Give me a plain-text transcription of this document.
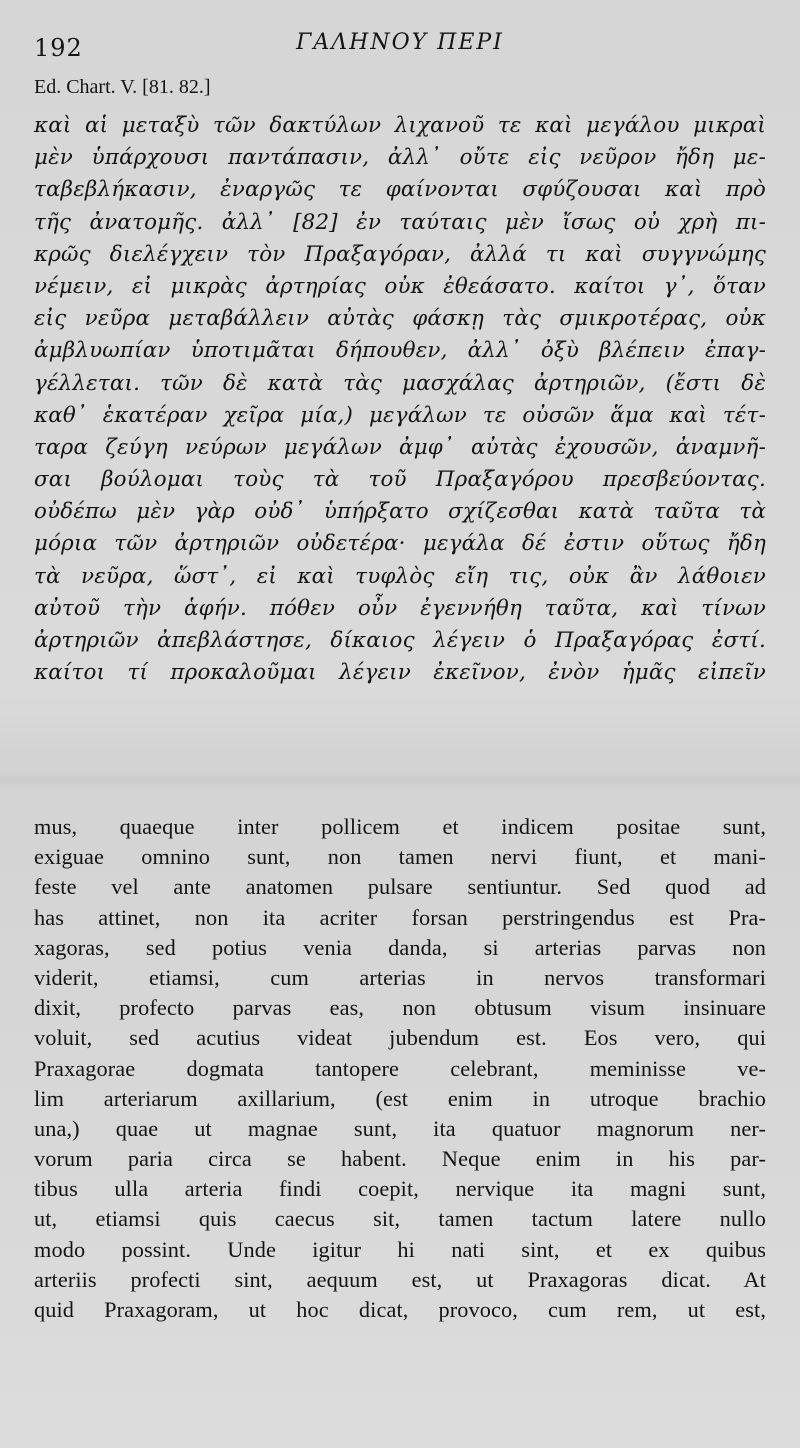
192	ΓΑΛΗΝΟΥ ΠΕΡΙ
Ed. Chart. V. [81. 82.]
καὶ αἱ μεταξὺ τῶν δακτύλων λιχανοῦ τε καὶ μεγάλου μικραὶ
μὲν ὑπάρχουσι παντάπασιν, ἀλλ᾽ οὔτε εἰς νεῦρον ἤδη με-
ταβεβλήκασιν, ἐναργῶς τε φαίνονται σφύζουσαι καὶ πρὸ
τῆς ἀνατομῆς. ἀλλ᾽ [82] ἐν ταύταις μὲν ἴσως οὐ χρὴ πι-
κρῶς διελέγχειν τὸν Πραξαγόραν, ἀλλά τι καὶ συγγνώμης
νέμειν, εἰ μικρὰς ἀρτηρίας οὐκ ἐθεάσατο. καίτοι γ᾽, ὅταν
εἰς νεῦρα μεταβάλλειν αὐτὰς φάσκῃ τὰς σμικροτέρας, οὐκ
ἀμβλυωπίαν ὑποτιμᾶται δήπουθεν, ἀλλ᾽ ὀξὺ βλέπειν ἐπαγ-
γέλλεται. τῶν δὲ κατὰ τὰς μασχάλας ἀρτηριῶν, (ἔστι δὲ
καθ᾽ ἑκατέραν χεῖρα μία,) μεγάλων τε οὐσῶν ἅμα καὶ τέτ-
ταρα ζεύγη νεύρων μεγάλων ἀμφ᾽ αὐτὰς ἐχουσῶν, ἀναμνῆ-
σαι βούλομαι τοὺς τὰ τοῦ Πραξαγόρου πρεσβεύοντας.
οὐδέπω μὲν γὰρ οὐδ᾽ ὑπήρξατο σχίζεσθαι κατὰ ταῦτα τὰ
μόρια τῶν ἀρτηριῶν οὐδετέρα· μεγάλα δέ ἐστιν οὕτως ἤδη
τὰ νεῦρα, ὥστ᾽, εἰ καὶ τυφλὸς εἴη τις, οὐκ ἂν λάθοιεν
αὐτοῦ τὴν ἁφήν. πόθεν οὖν ἐγεννήθη ταῦτα, καὶ τίνων
ἀρτηριῶν ἀπεβλάστησε, δίκαιος λέγειν ὁ Πραξαγόρας ἐστί.
καίτοι τί προκαλοῦμαι λέγειν ἐκεῖνον, ἐνὸν ἡμᾶς εἰπεῖν
mus, quaeque inter pollicem et indicem positae sunt,
exiguae omnino sunt, non tamen nervi fiunt, et mani-
feste vel ante anatomen pulsare sentiuntur. Sed quod ad
has attinet, non ita acriter forsan perstringendus est Pra-
xagoras, sed potius venia danda, si arterias parvas non
viderit, etiamsi, cum arterias in nervos transformari
dixit, profecto parvas eas, non obtusum visum insinuare
voluit, sed acutius videat jubendum est. Eos vero, qui
Praxagorae dogmata tantopere celebrant, meminisse ve-
lim arteriarum axillarium, (est enim in utroque brachio
una,) quae ut magnae sunt, ita quatuor magnorum ner-
vorum paria circa se habent. Neque enim in his par-
tibus ulla arteria findi coepit, nervique ita magni sunt,
ut, etiamsi quis caecus sit, tamen tactum latere nullo
modo possint. Unde igitur hi nati sint, et ex quibus
arteriis profecti sint, aequum est, ut Praxagoras dicat. At
quid Praxagoram, ut hoc dicat, provoco, cum rem, ut est,
